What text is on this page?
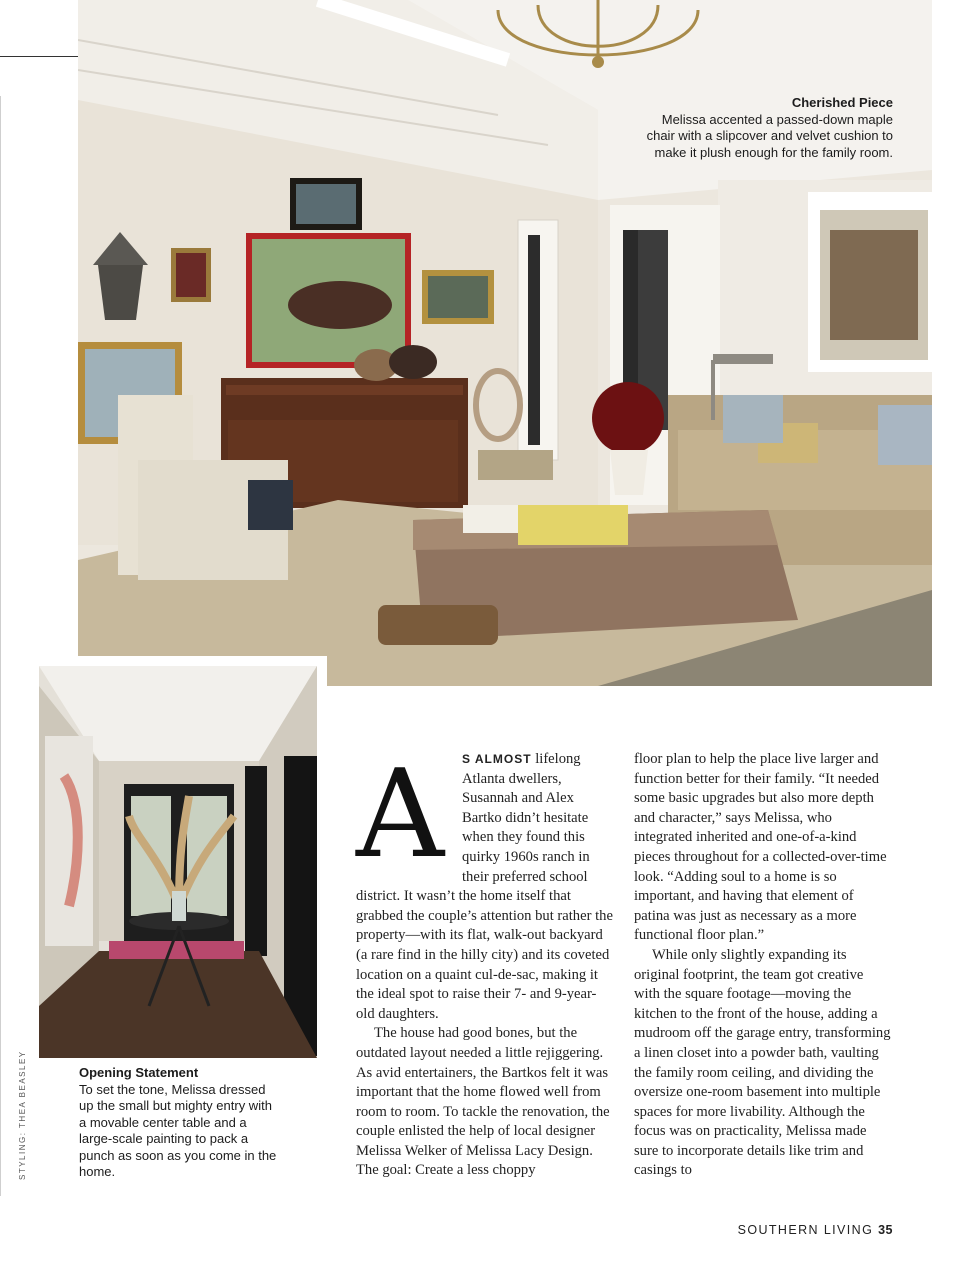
Cherished Piece
Melissa accented a passed-down maple chair with a slipcover and velvet cushion to make it plush enough for the family room.
Opening Statement
To set the tone, Melissa dressed up the small but mighty entry with a movable center table and a large-scale painting to pack a punch as soon as you come in the home.
STYLING: THEA BEASLEY

A	S ALMOST lifelong Atlanta dwellers, Susannah and Alex Bartko didn’t hesitate when they found this quirky 1960s ranch in their preferred school district. It wasn’t the home itself that grabbed the couple’s attention but rather the property—with its flat, walk-out backyard (a rare find in the hilly city) and its coveted location on a quaint cul-de-sac, making it the ideal spot to raise their 7- and 9-year-old daughters.

The house had good bones, but the outdated layout needed a little rejiggering. As avid entertainers, the Bartkos felt it was important that the home flowed well from room to room. To tackle the renovation, the couple enlisted the help of local designer Melissa Welker of Melissa Lacy Design. The goal: Create a less choppy

floor plan to help the place live larger and function better for their family. “It needed some basic upgrades but also more depth and character,” says Melissa, who integrated inherited and one-of-a-kind pieces throughout for a collected-over-time look. “Adding soul to a home is so important, and having that element of patina was just as necessary as a more functional floor plan.”

While only slightly expanding its original footprint, the team got creative with the square footage—moving the kitchen to the front of the house, adding a mudroom off the garage entry, transforming a linen closet into a powder bath, vaulting the family room ceiling, and dividing the oversize one-room basement into multiple spaces for more livability. Although the focus was on practicality, Melissa made sure to incorporate details like trim and casings to

SOUTHERN LIVING 35
